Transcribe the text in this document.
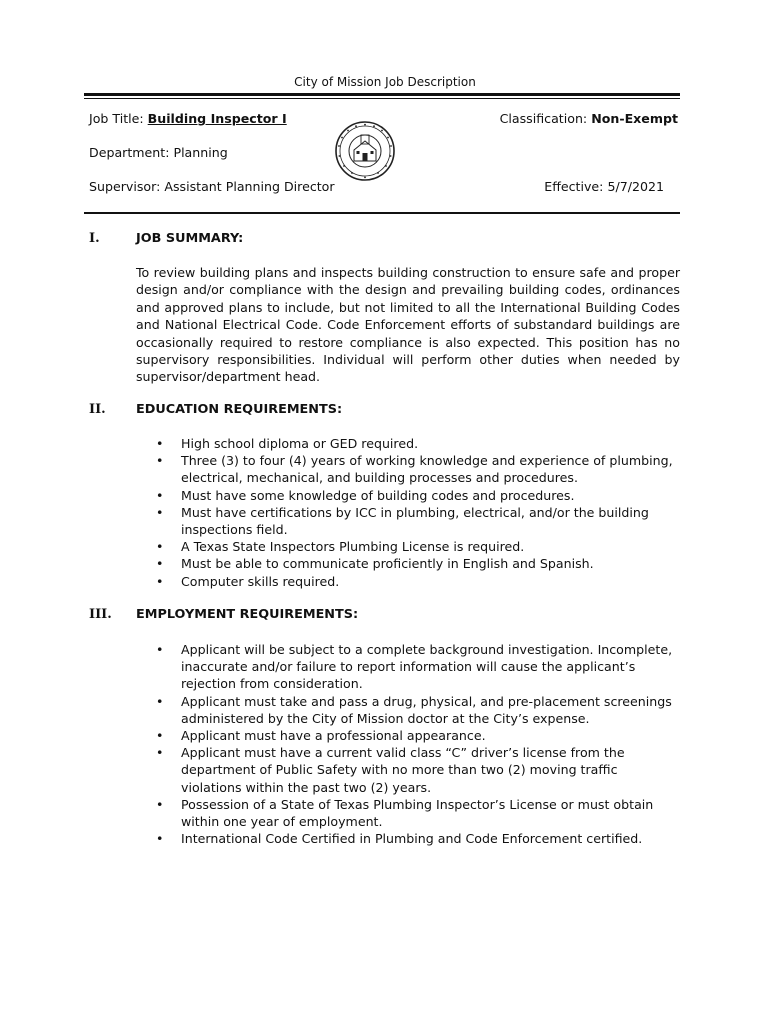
City of Mission Job Description
Job Title: Building Inspector I	Classification: Non-Exempt
Department: Planning
Supervisor: Assistant Planning Director	Effective: 5/7/2021
I.	JOB SUMMARY:

To review building plans and inspects building construction to ensure safe and proper design and/or compliance with the design and prevailing building codes, ordinances and approved plans to include, but not limited to all the International Building Codes and National Electrical Code. Code Enforcement efforts of substandard buildings are occasionally required to restore compliance is also expected. This position has no supervisory responsibilities. Individual will perform other duties when needed by supervisor/department head.

II. EDUCATION REQUIREMENTS:
• High school diploma or GED required.
• Three (3) to four (4) years of working knowledge and experience of plumbing, electrical, mechanical, and building processes and procedures.
• Must have some knowledge of building codes and procedures.
• Must have certifications by ICC in plumbing, electrical, and/or the building inspections field.
• A Texas State Inspectors Plumbing License is required.
• Must be able to communicate proficiently in English and Spanish.
• Computer skills required.
III. EMPLOYMENT REQUIREMENTS:
• Applicant will be subject to a complete background investigation. Incomplete, inaccurate and/or failure to report information will cause the applicant’s rejection from consideration.
• Applicant must take and pass a drug, physical, and pre-placement screenings administered by the City of Mission doctor at the City’s expense.
• Applicant must have a professional appearance.
• Applicant must have a current valid class “C” driver’s license from the department of Public Safety with no more than two (2) moving traffic violations within the past two (2) years.
• Possession of a State of Texas Plumbing Inspector’s License or must obtain within one year of employment.
• International Code Certified in Plumbing and Code Enforcement certified.
